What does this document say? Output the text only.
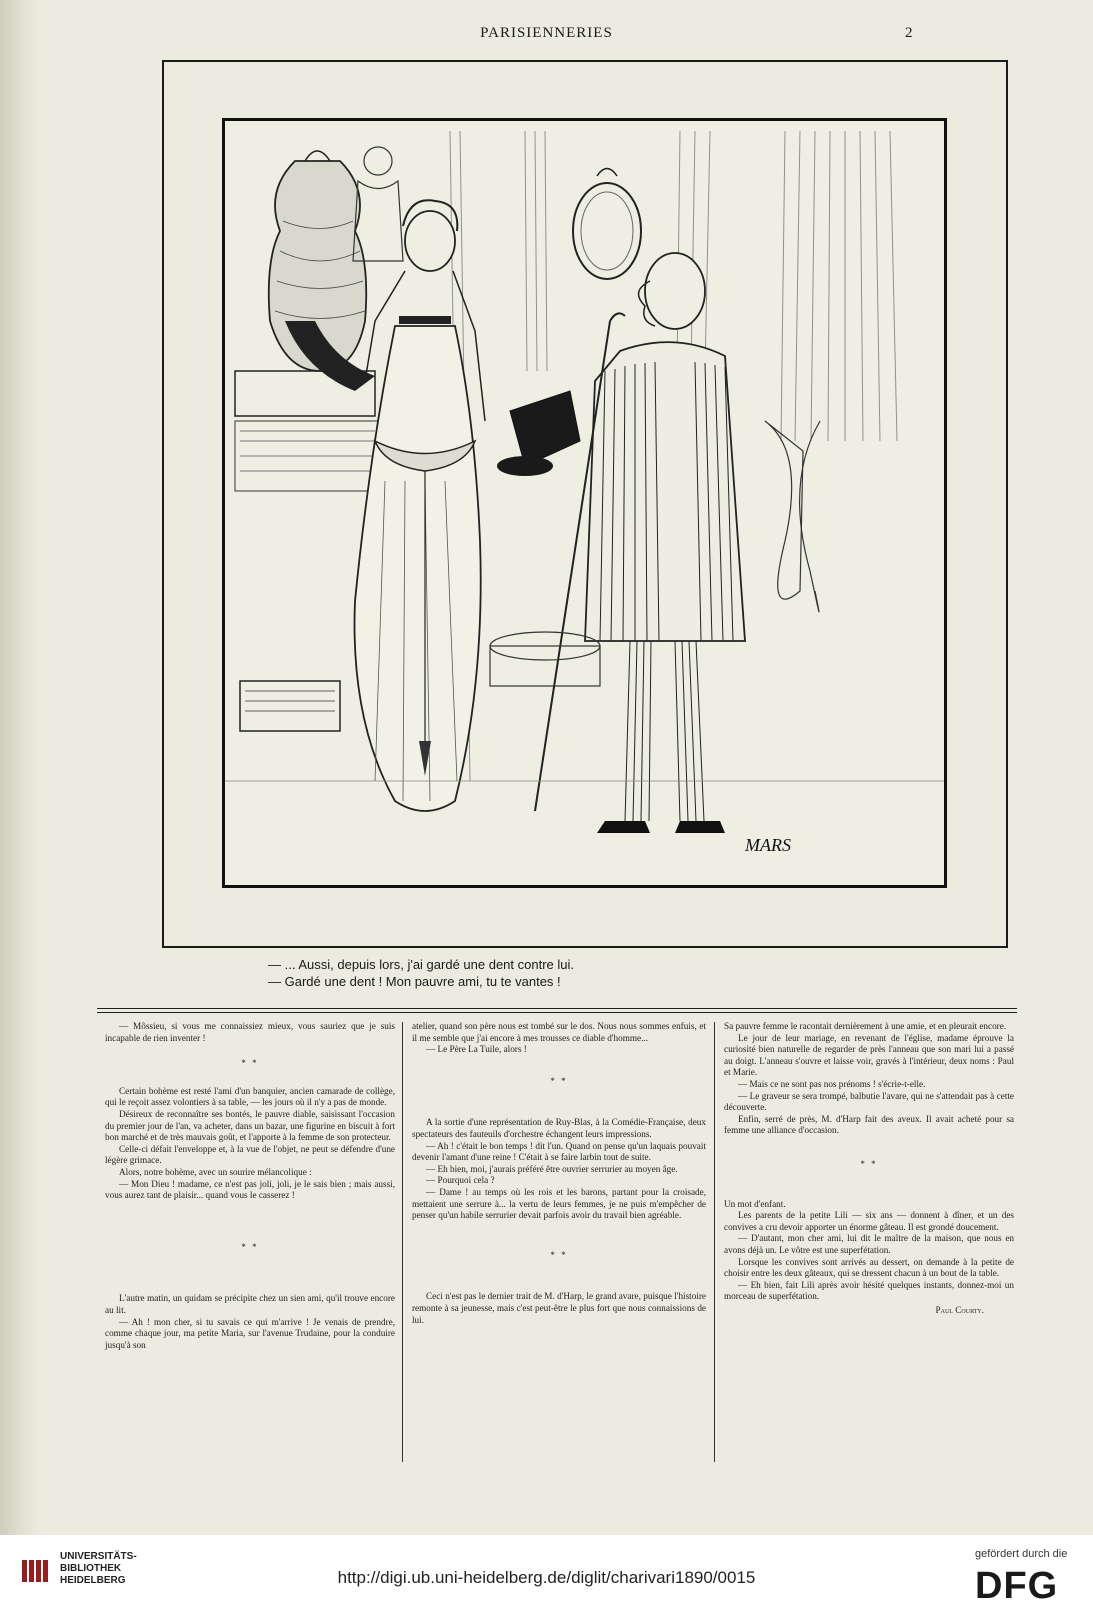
PARISIENNERIES	2

MARS
— ... Aussi, depuis lors, j'ai gardé une dent contre lui.
— Gardé une dent ! Mon pauvre ami, tu te vantes !

— Môssieu, si vous me connaissiez mieux, vous sauriez que je suis incapable de rien inventer !

* *

Certain bohème est resté l'ami d'un banquier, ancien camarade de collège, qui le reçoit assez volontiers à sa table, — les jours où il n'y a pas de monde.

Désireux de reconnaître ses bontés, le pauvre diable, saisissant l'occasion du premier jour de l'an, va acheter, dans un bazar, une figurine en biscuit à fort bon marché et de très mauvais goût, et l'apporte à la femme de son protecteur.

Celle-ci défait l'enveloppe et, à la vue de l'objet, ne peut se défendre d'une légère grimace.

Alors, notre bohème, avec un sourire mélancolique :

— Mon Dieu ! madame, ce n'est pas joli, joli, je le sais bien ; mais aussi, vous aurez tant de plaisir... quand vous le casserez !

* *

L'autre matin, un quidam se précipite chez un sien ami, qu'il trouve encore au lit.

— Ah ! mon cher, si tu savais ce qui m'arrive ! Je venais de prendre, comme chaque jour, ma petite Maria, sur l'avenue Trudaine, pour la conduire jusqu'à son

atelier, quand son père nous est tombé sur le dos. Nous nous sommes enfuis, et il me semble que j'ai encore à mes trousses ce diable d'homme...

— Le Père La Tuile, alors !

* *

A la sortie d'une représentation de Ruy-Blas, à la Comédie-Française, deux spectateurs des fauteuils d'orchestre échangent leurs impressions.

— Ah ! c'était le bon temps ! dit l'un. Quand on pense qu'un laquais pouvait devenir l'amant d'une reine ! C'était à se faire larbin tout de suite.

— Eh bien, moi, j'aurais préféré être ouvrier serrurier au moyen âge.

— Pourquoi cela ?

— Dame ! au temps où les rois et les barons, partant pour la croisade, mettaient une serrure à... la vertu de leurs femmes, je ne puis m'empêcher de penser qu'un habile serrurier devait parfois avoir du travail bien agréable.

* *

Ceci n'est pas le dernier trait de M. d'Harp, le grand avare, puisque l'histoire remonte à sa jeunesse, mais c'est peut-être le plus fort que nous connaissions de lui.

Sa pauvre femme le racontait dernièrement à une amie, et en pleurait encore.

Le jour de leur mariage, en revenant de l'église, madame éprouve la curiosité bien naturelle de regarder de près l'anneau que son mari lui a passé au doigt. L'anneau s'ouvre et laisse voir, gravés à l'intérieur, deux noms : Paul et Marie.

— Mais ce ne sont pas nos prénoms ! s'écrie-t-elle.

— Le graveur se sera trompé, balbutie l'avare, qui ne s'attendait pas à cette découverte.

Enfin, serré de près, M. d'Harp fait des aveux. Il avait acheté pour sa femme une alliance d'occasion.

* *

Un mot d'enfant.

Les parents de la petite Lili — six ans — donnent à dîner, et un des convives a cru devoir apporter un énorme gâteau. Il est grondé doucement.

— D'autant, mon cher ami, lui dit le maître de la maison, que nous en avons déjà un. Le vôtre est une superfétation.

Lorsque les convives sont arrivés au dessert, on demande à la petite de choisir entre les deux gâteaux, qui se dressent chacun à un bout de la table.

— Eh bien, fait Lili après avoir hésité quelques instants, donnez-moi un morceau de superfétation.

Paul Courty.

UNIVERSITÄTS-
BIBLIOTHEK
HEIDELBERG	http://digi.ub.uni-heidelberg.de/diglit/charivari1890/0015
gefördert durch die
DFG
